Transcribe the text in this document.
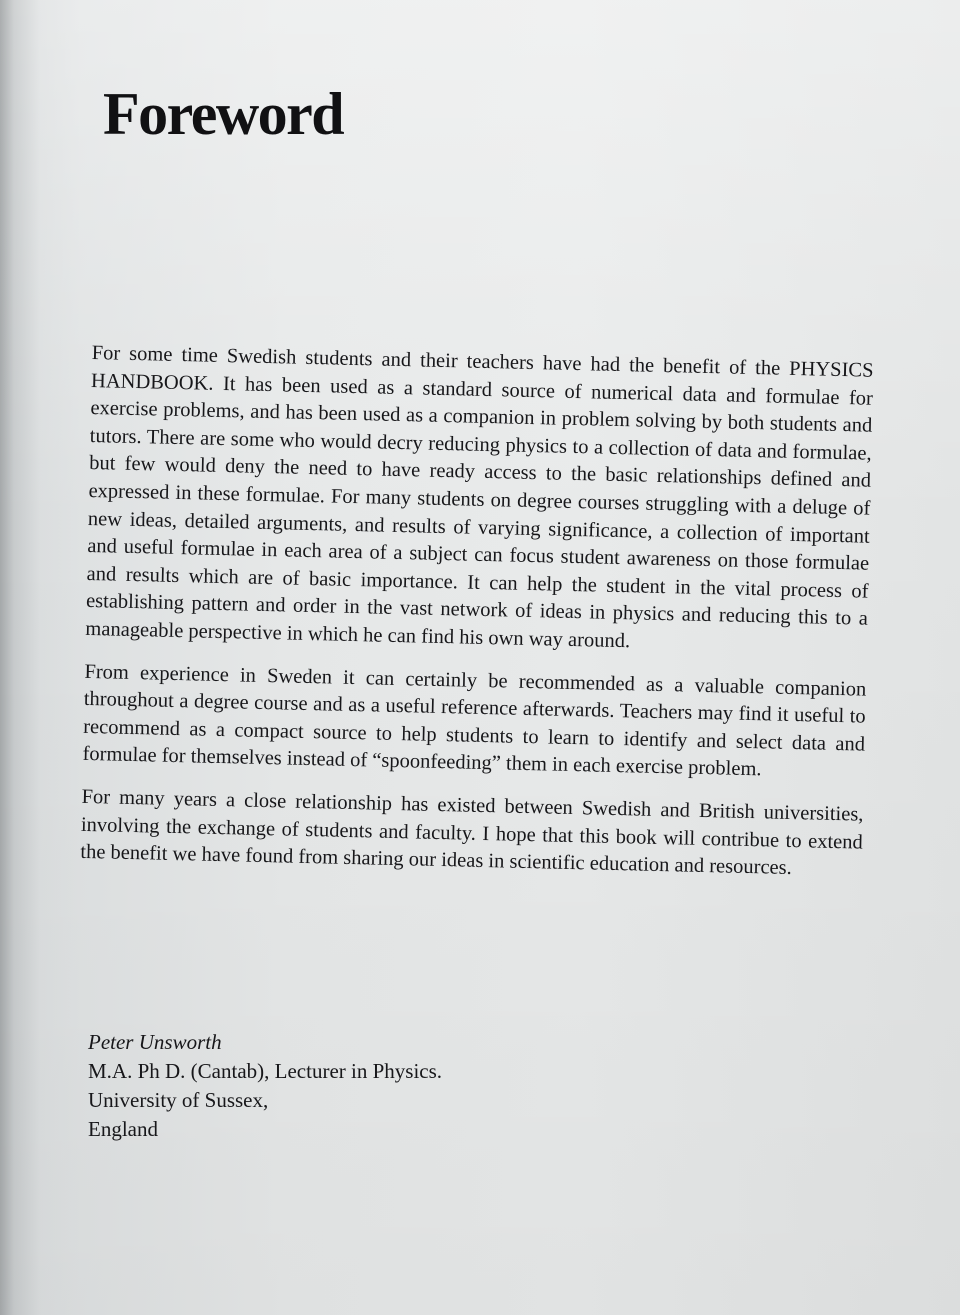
Foreword

For some time Swedish students and their teachers have had the benefit of the PHYSICS HANDBOOK. It has been used as a standard source of numerical data and formulae for exercise problems, and has been used as a companion in problem solving by both students and tutors. There are some who would decry reducing physics to a collection of data and formulae, but few would deny the need to have ready access to the basic relationships defined and expressed in these formulae. For many students on degree courses struggling with a deluge of new ideas, detailed arguments, and results of varying significance, a collection of important and useful formulae in each area of a subject can focus student awareness on those formulae and results which are of basic importance. It can help the student in the vital process of establishing pattern and order in the vast network of ideas in physics and reducing this to a manageable perspective in which he can find his own way around.

From experience in Sweden it can certainly be recommended as a valuable companion throughout a degree course and as a useful reference afterwards. Teachers may find it useful to recommend as a compact source to help students to learn to identify and select data and formulae for themselves instead of “spoonfeeding” them in each exercise problem.

For many years a close relationship has existed between Swedish and British universities, involving the exchange of students and faculty. I hope that this book will contribue to extend the benefit we have found from sharing our ideas in scientific education and resources.

Peter Unsworth
M.A. Ph D. (Cantab), Lecturer in Physics.
University of Sussex,
England
